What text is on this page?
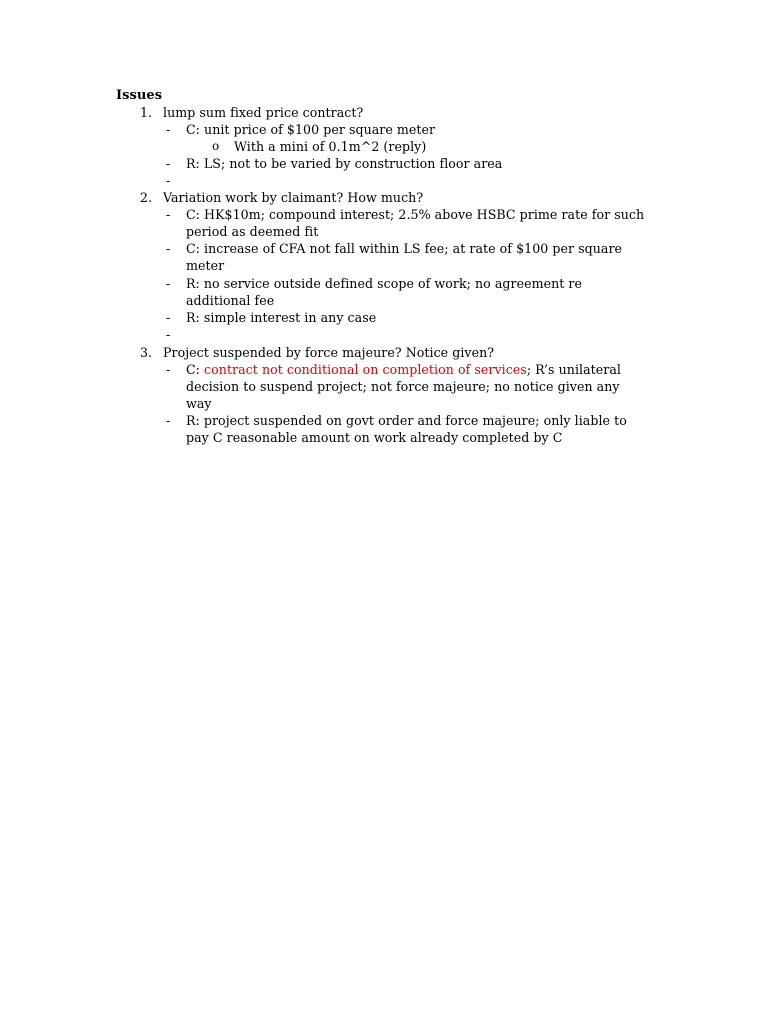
Issues
1. lump sum fixed price contract?
- C: unit price of $100 per square meter
o With a mini of 0.1m^2 (reply)
- R: LS; not to be varied by construction floor area
-
2. Variation work by claimant? How much?
- C: HK$10m; compound interest; 2.5% above HSBC prime rate for such
period as deemed fit
- C: increase of CFA not fall within LS fee; at rate of $100 per square
meter
- R: no service outside defined scope of work; no agreement re
additional fee
- R: simple interest in any case
-
3. Project suspended by force majeure? Notice given?
- C: contract not conditional on completion of services; R’s unilateral
decision to suspend project; not force majeure; no notice given any
way
- R: project suspended on govt order and force majeure; only liable to
pay C reasonable amount on work already completed by C
